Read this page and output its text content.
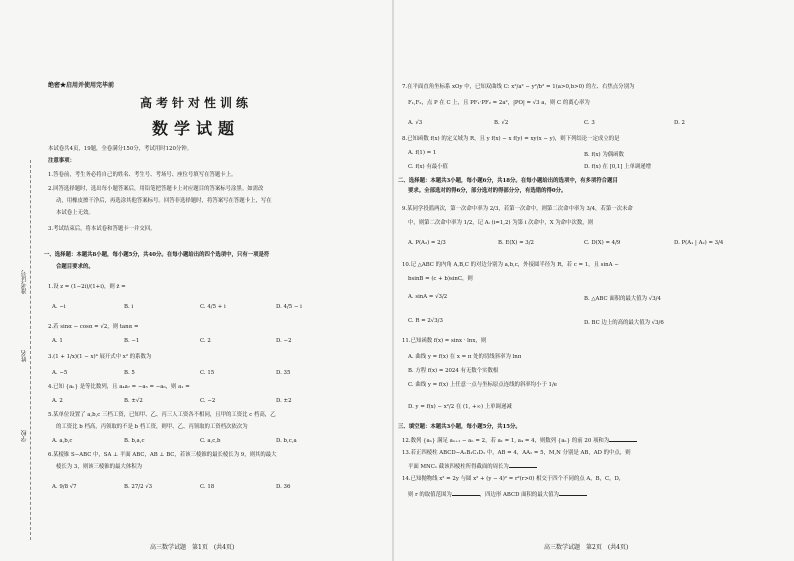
准考证号
姓名
学校
绝密★启用并使用完毕前
高考针对性训练
数学试题
本试卷共4页，19题，全卷满分150分，考试用时120分钟。
注意事项：
1.答卷前，考生务必将自己的姓名、考生号、考场号、座位号填写在答题卡上。
2.回答选择题时，选出每小题答案后，用铅笔把答题卡上对应题目的答案标号涂黑。如需改
动，用橡皮擦干净后，再选涂其他答案标号。回答非选择题时，将答案写在答题卡上，写在
本试卷上无效。
3.考试结束后，将本试卷和答题卡一并交回。
一、选择题：本题共8小题，每小题5分，共40分。在每小题给出的四个选项中，只有一项是符
合题目要求的。
1.设 z = (1−2i)/(1+i)，则 z̄ =
A. −i	B. i	C. 4/5 + i	D. 4/5 − i
2.若 sinα − cosα = √2，则 tanα =
A. 1	B. −1	C. 2	D. −2
3.(1 + 1/x)(1 − x)⁴ 展开式中 x² 的系数为
A. −5	B. 5	C. 15	D. 35
4.已知 {aₙ} 是等比数列，且 a₄a₇ = −a₅ = −a₆，则 a₁ =
A. 2	B. ±√2	C. −2	D. ±2
5.某单位设置了 a,b,c 三档工资，已知甲、乙、丙三人工资各不相同，且甲的工资比 c 档高，乙
的工资比 b 档高，丙领取的不是 b 档工资，则甲、乙、丙领取的工资档次依次为
A. a,b,c	B. b,a,c	C. a,c,b	D. b,c,a
6.某棱锥 S−ABC 中，SA ⊥ 平面 ABC，AB ⊥ BC，若该三棱锥的最长棱长为 9，则其的最大
棱长为 3，则该三棱锥的最大体积为
A. 9/8 √7	B. 27/2 √3	C. 18	D. 36
高三数学试题　第1页　(共4页)
7.在平面直角坐标系 xOy 中，已知双曲线 C: x²/a² − y²/b² = 1(a>0,b>0) 的左、右焦点分别为
F₁,F₂，点 P 在 C 上，且 PF₁·PF₂ = 2a²，|PO| = √3 a，则 C 的离心率为
A. √3	B. √2	C. 3	D. 2
8.已知函数 f(x) 的定义域为 R，且 y f(x) − x f(y) = xy(x − y)，则下列结论一定成立的是
A. f(1) = 1	B. f(x) 为偶函数
C. f(x) 有最小值	D. f(x) 在 [0,1] 上单调递增
二、选择题：本题共3小题，每小题6分，共18分。在每小题给出的选项中，有多项符合题目
要求。全部选对的得6分，部分选对的得部分分，有选错的得0分。
9.某同学投篮两次，第一次命中率为 2/3，若第一次命中，则第二次命中率为 3/4，若第一次未命
中，则第二次命中率为 1/2，记 Aᵢ (i=1,2) 为第 i 次命中，X 为命中次数，则
A. P(A₂) = 2/3	B. E(X) = 3/2	C. D(X) = 4/9	D. P(A₁ | A₂) = 3/4
10.记 △ABC 的内角 A,B,C 的对边分别为 a,b,c，外接圆半径为 R，若 c = 1，且 sinA −
bsinB = (c + b)sinC，则
A. sinA = √3/2	B. △ABC 面积的最大值为 √3/4
C. R = 2√3/3	D. BC 边上的高的最大值为 √3/6
11.已知函数 f(x) = sinx · lnx，则
A. 曲线 y = f(x) 在 x = π 处的切线斜率为 lnπ
B. 方程 f(x) = 2024 有无数个实数根
C. 曲线 y = f(x) 上任意一点与坐标原点连线的斜率均小于 1/e
D. y = f(x) − x²/2 在 (1, +∞) 上单调递减
三、填空题：本题共3小题，每小题5分，共15分。
12.数列 {aₙ} 满足 aₙ₊₁ − aₙ = 2，若 a₁ = 1, a₄ = 4，则数列 {aₙ} 的前 20 项和为
13.若正四棱柱 ABCD−A₁B₁C₁D₁ 中，AB = 4，AA₁ = 5，M,N 分别是 AB，AD 的中点，则
平面 MNC₁ 截该四棱柱所得截面的周长为
14.已知抛物线 x² = 2y 与圆 x² + (y − 4)² = r²(r>0) 相交于四个不同的点 A，B，C，D，
则 r 的取值范围为	，四边形 ABCD 面积的最大值为
高三数学试题　第2页　(共4页)
